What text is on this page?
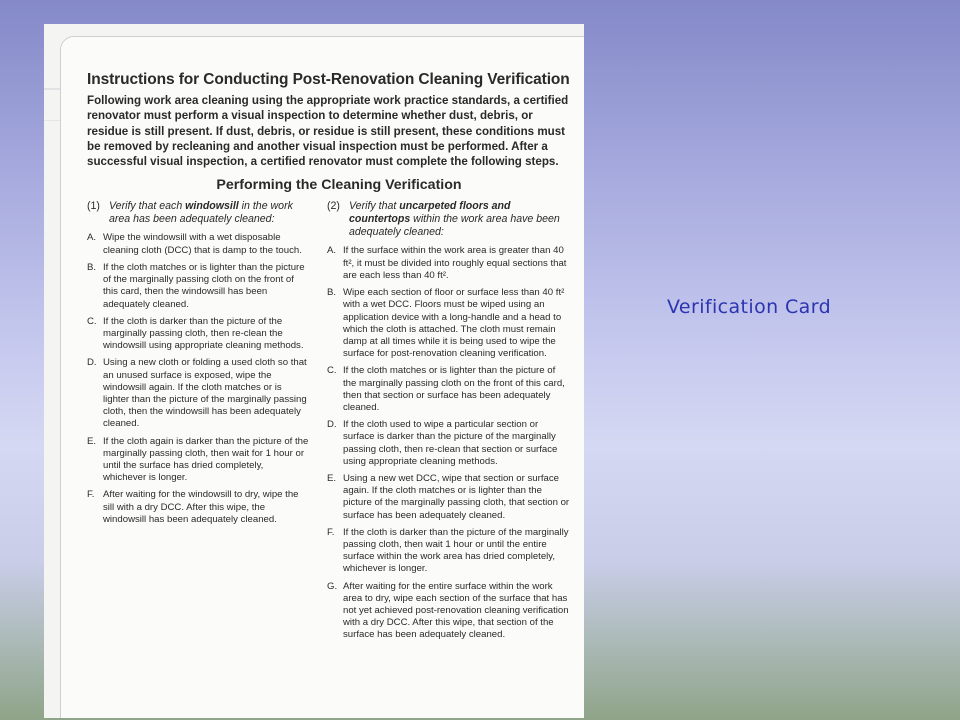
Instructions for Conducting Post-Renovation Cleaning Verification
Following work area cleaning using the appropriate work practice standards, a certified renovator must perform a visual inspection to determine whether dust, debris, or residue is still present. If dust, debris, or residue is still present, these conditions must be removed by recleaning and another visual inspection must be performed. After a successful visual inspection, a certified renovator must complete the following steps.
Performing the Cleaning Verification
(1) Verify that each windowsill in the work area has been adequately cleaned:
A. Wipe the windowsill with a wet disposable cleaning cloth (DCC) that is damp to the touch.
B. If the cloth matches or is lighter than the picture of the marginally passing cloth on the front of this card, then the windowsill has been adequately cleaned.
C. If the cloth is darker than the picture of the marginally passing cloth, then re-clean the windowsill using appropriate cleaning methods.
D. Using a new cloth or folding a used cloth so that an unused surface is exposed, wipe the windowsill again. If the cloth matches or is lighter than the picture of the marginally passing cloth, then the windowsill has been adequately cleaned.
E. If the cloth again is darker than the picture of the marginally passing cloth, then wait for 1 hour or until the surface has dried completely, whichever is longer.
F. After waiting for the windowsill to dry, wipe the sill with a dry DCC. After this wipe, the windowsill has been adequately cleaned.
(2) Verify that uncarpeted floors and countertops within the work area have been adequately cleaned:
A. If the surface within the work area is greater than 40 ft², it must be divided into roughly equal sections that are each less than 40 ft².
B. Wipe each section of floor or surface less than 40 ft² with a wet DCC. Floors must be wiped using an application device with a long-handle and a head to which the cloth is attached. The cloth must remain damp at all times while it is being used to wipe the surface for post-renovation cleaning verification.
C. If the cloth matches or is lighter than the picture of the marginally passing cloth on the front of this card, then that section or surface has been adequately cleaned.
D. If the cloth used to wipe a particular section or surface is darker than the picture of the marginally passing cloth, then re-clean that section or surface using appropriate cleaning methods.
E. Using a new wet DCC, wipe that section or surface again. If the cloth matches or is lighter than the picture of the marginally passing cloth, that section or surface has been adequately cleaned.
F. If the cloth is darker than the picture of the marginally passing cloth, then wait 1 hour or until the entire surface within the work area has dried completely, whichever is longer.
G. After waiting for the entire surface within the work area to dry, wipe each section of the surface that has not yet achieved post-renovation cleaning verification with a dry DCC. After this wipe, that section of the surface has been adequately cleaned.
Verification Card
